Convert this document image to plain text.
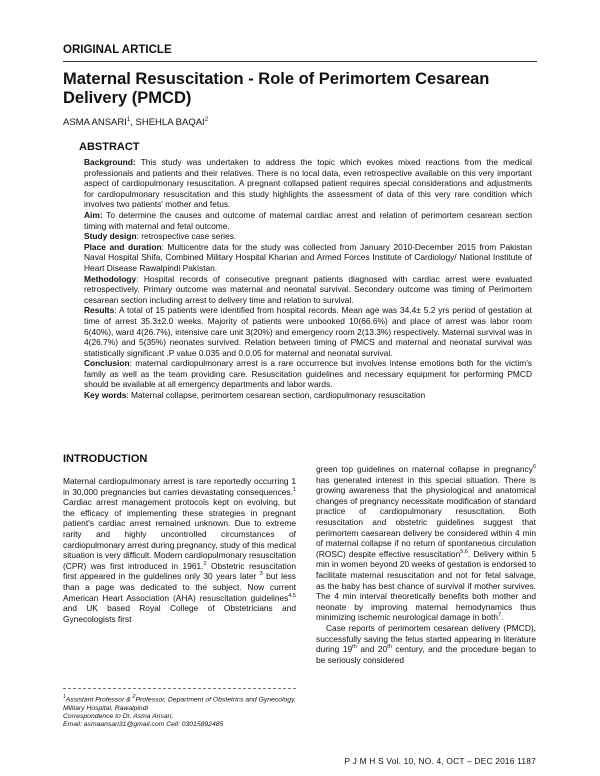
ORIGINAL ARTICLE
Maternal Resuscitation - Role of Perimortem Cesarean Delivery (PMCD)
ASMA ANSARI$^1$, SHEHLA BAQAI$^2$
ABSTRACT

Background: This study was undertaken to address the topic which evokes mixed reactions from the medical professionals and patients and their relatives. There is no local data, even retrospective available on this very important aspect of cardiopulmonary resuscitation. A pregnant collapsed patient requires special considerations and adjustments for cardiopulmonary resuscitation and this study highlights the assessment of data of this very rare condition which involves two patients' mother and fetus.

Aim: To determine the causes and outcome of maternal cardiac arrest and relation of perimortem cesarean section timing with maternal and fetal outcome.

Study design: retrospective case series.

Place and duration: Multicentre data for the study was collected from January 2010-December 2015 from Pakistan Naval Hospital Shifa, Combined Military Hospital Kharian and Armed Forces Institute of Cardiology/ National Institute of Heart Disease Rawalpindi Pakistan.

Methodology: Hospital records of consecutive pregnant patients diagnosed with cardiac arrest were evaluated retrospectively. Primary outcome was maternal and neonatal survival. Secondary outcome was timing of Perimortem cesarean section including arrest to delivery time and relation to survival.

Results: A total of 15 patients were identified from hospital records. Mean age was 34.4± 5.2 yrs period of gestation at time of arrest 35.3±2.0 weeks. Majority of patients were unbooked 10(66.6%) and place of arrest was labor room 6(40%), ward 4(26.7%), intensive care unit 3(20%) and emergency room 2(13.3%) respectively. Maternal survival was in 4(26.7%) and 5(35%) neonates survived. Relation between timing of PMCS and maternal and neonatal survival was statistically significant .P value 0.035 and 0.0.05 for maternal and neonatal survival.

Conclusion: maternal cardiopulmonary arrest is a rare occurrence but involves intense emotions both for the victim's family as well as the team providing care. Resuscitation guidelines and necessary equipment for performing PMCD should be available at all emergency departments and labor wards.

Key words: Maternal collapse, perimortem cesarean section, cardiopulmonary resuscitation

INTRODUCTION

Maternal cardiopulmonary arrest is rare reportedly occurring 1 in 30,000 pregnancies but carries devastating consequences.$^1$ Cardiac arrest management protocols kept on evolving, but the efficacy of implementing these strategies in pregnant patient's cardiac arrest remained unknown. Due to extreme rarity and highly uncontrolled circumstances of cardiopulmonary arrest during pregnancy, study of this medical situation is very difficult. Modern cardiopulmonary resuscitation (CPR) was first introduced in 1961.$^2$ Obstetric resuscitation first appeared in the guidelines only 30 years later $^3$ but less than a page was dedicated to the subject. Now current American Heart Association (AHA) resuscitation guidelines$^{4,5}$ and UK based Royal College of Obstetricians and Gynecologists first

$^1$Assistant Professor & $^2$Professor, Department of Obstetrics and Gynecology, Military Hospital, Rawalpindi

Correspondence to Dr. Asma Ansari,

Email: asmaansari31@gmail.com Cell: 03015892485

green top guidelines on maternal collapse in pregnancy$^6$ has generated interest in this special situation. There is growing awareness that the physiological and anatomical changes of pregnancy necessitate modification of standard practice of cardiopulmonary resuscitation. Both resuscitation and obstetric guidelines suggest that perimortem caesarean delivery be considered within 4 min of maternal collapse if no return of spontaneous circulation (ROSC) despite effective resuscitation$^{5,6}$. Delivery within 5 min in women beyond 20 weeks of gestation is endorsed to facilitate maternal resuscitation and not for fetal salvage, as the baby has best chance of survival if mother survives. The 4 min interval theoretically benefits both mother and neonate by improving maternal hemodynamics thus minimizing ischemic neurological damage in both$^7$.

Case reports of perimortem cesarean delivery (PMCD), successfully saving the fetus started appearing in literature during 19th and 20th century, and the procedure began to be seriously considered

P J M H S Vol. 10, NO. 4, OCT – DEC 2016 1187
